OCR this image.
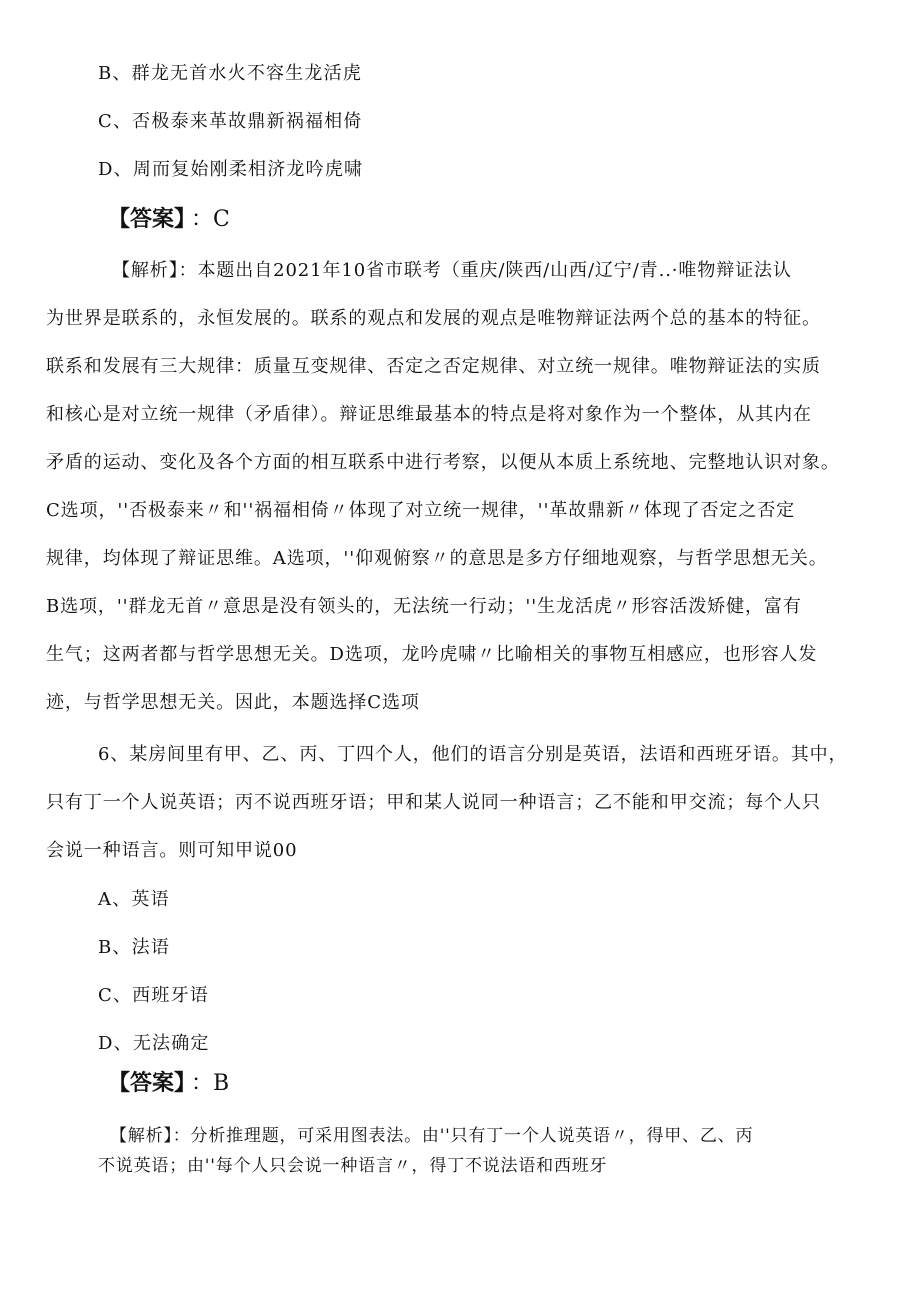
B、群龙无首水火不容生龙活虎
C、否极泰来革故鼎新祸福相倚
D、周而复始刚柔相济龙吟虎啸
【答案】 ：C
【解析】：本题出自2021年10省市联考（重庆/陕西/山西/辽宁/青..·唯物辩证法认
为世界是联系的，永恒发展的。联系的观点和发展的观点是唯物辩证法两个总的基本的特征。
联系和发展有三大规律：质量互变规律、否定之否定规律、对立统一规律。唯物辩证法的实质
和核心是对立统一规律（矛盾律）。辩证思维最基本的特点是将对象作为一个整体，从其内在
矛盾的运动、变化及各个方面的相互联系中进行考察，以便从本质上系统地、完整地认识对象。
C选项，''否极泰来〃和''祸福相倚〃体现了对立统一规律，''革故鼎新〃体现了否定之否定
规律，均体现了辩证思维。A选项，''仰观俯察〃的意思是多方仔细地观察，与哲学思想无关。
B选项，''群龙无首〃意思是没有领头的，无法统一行动；''生龙活虎〃形容活泼矫健，富有
生气；这两者都与哲学思想无关。D选项，龙吟虎啸〃比喻相关的事物互相感应，也形容人发
迹，与哲学思想无关。因此，本题选择C选项
6、某房间里有甲、乙、丙、丁四个人，他们的语言分别是英语，法语和西班牙语。其中，
只有丁一个人说英语；丙不说西班牙语；甲和某人说同一种语言；乙不能和甲交流；每个人只
会说一种语言。则可知甲说00
A、英语
B、法语
C、西班牙语
D、无法确定
【答案】 ：B
【解析】：分析推理题，可采用图表法。由''只有丁一个人说英语〃，得甲、乙、丙
不说英语；由''每个人只会说一种语言〃，得丁不说法语和西班牙
